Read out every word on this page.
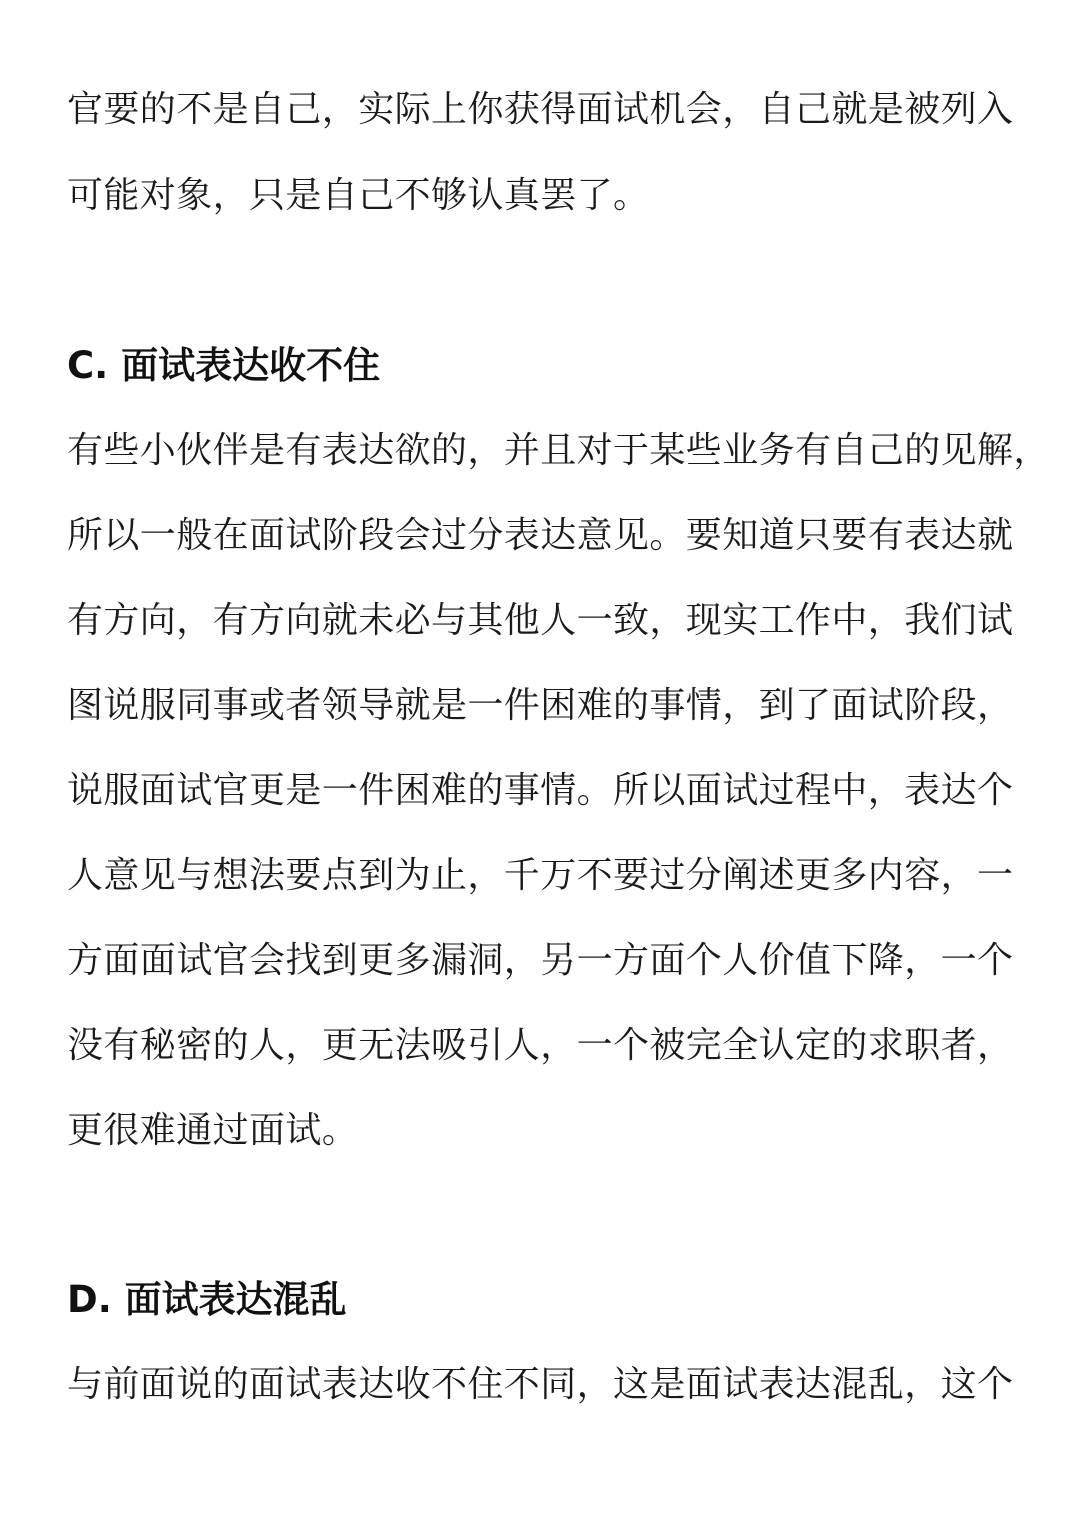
官要的不是自己，实际上你获得面试机会，自己就是被列入
可能对象，只是自己不够认真罢了。
C. 面试表达收不住
有些小伙伴是有表达欲的，并且对于某些业务有自己的见解，
所以一般在面试阶段会过分表达意见。要知道只要有表达就
有方向，有方向就未必与其他人一致，现实工作中，我们试
图说服同事或者领导就是一件困难的事情，到了面试阶段，
说服面试官更是一件困难的事情。所以面试过程中，表达个
人意见与想法要点到为止，千万不要过分阐述更多内容，一
方面面试官会找到更多漏洞，另一方面个人价值下降，一个
没有秘密的人，更无法吸引人，一个被完全认定的求职者，
更很难通过面试。
D. 面试表达混乱
与前面说的面试表达收不住不同，这是面试表达混乱，这个
